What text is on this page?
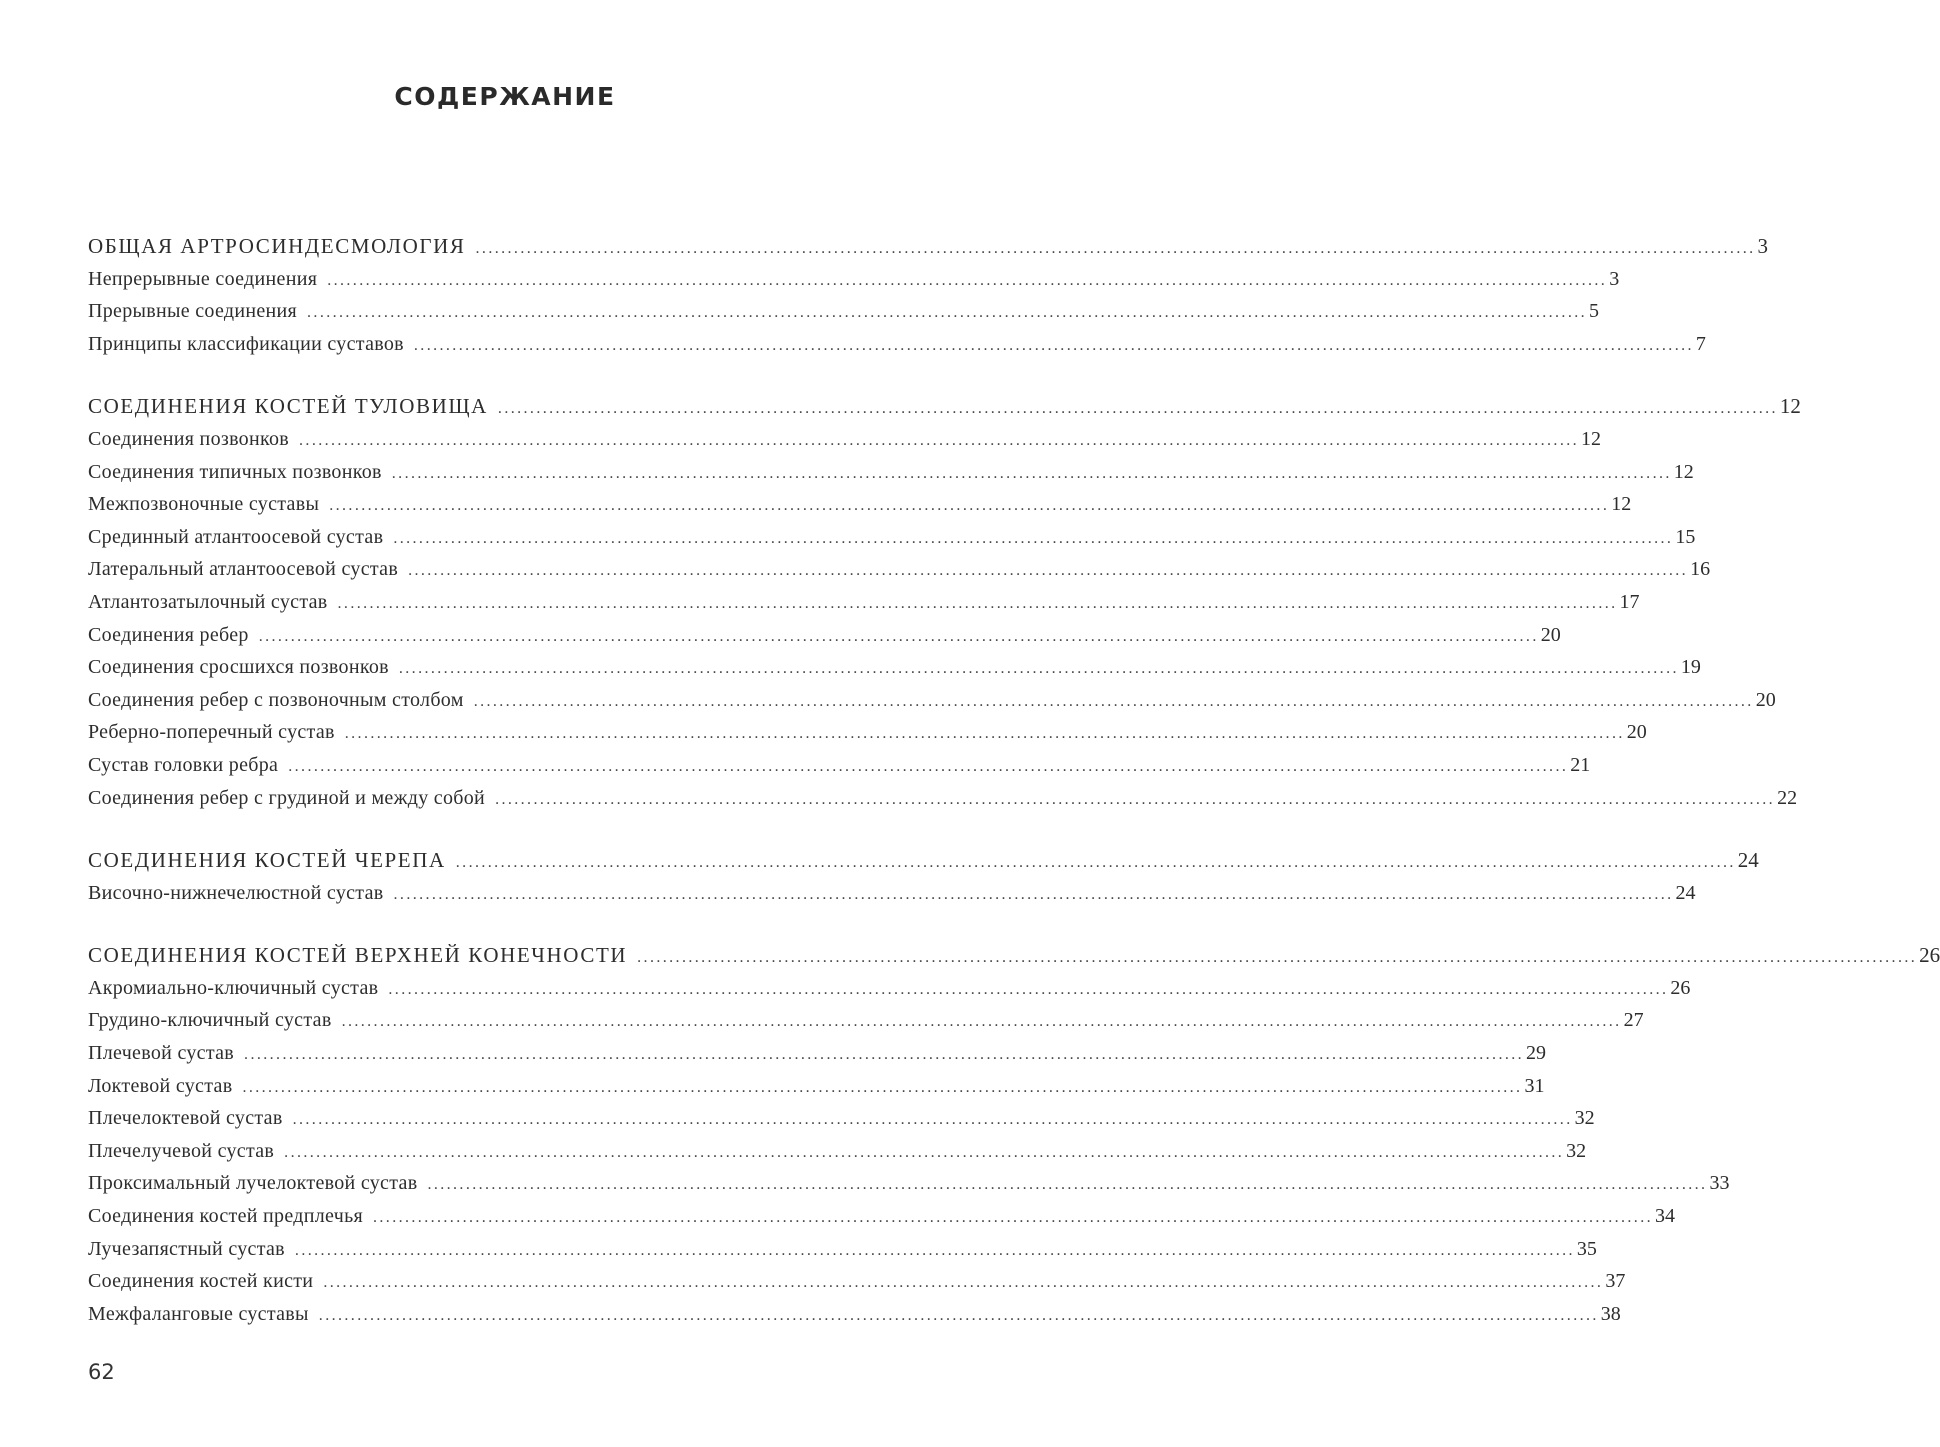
СОДЕРЖАНИЕ
ОБЩАЯ АРТРОСИНДЕСМОЛОГИЯ ........................................................................................................................................................................................................ 3
Непрерывные соединения ........................................................................................................................................................................................................ 3
Прерывные соединения ........................................................................................................................................................................................................ 5
Принципы классификации суставов ........................................................................................................................................................................................................ 7
СОЕДИНЕНИЯ КОСТЕЙ ТУЛОВИЩА ........................................................................................................................................................................................................ 12
Соединения позвонков ........................................................................................................................................................................................................ 12
Соединения типичных позвонков ........................................................................................................................................................................................................ 12
Межпозвоночные суставы ........................................................................................................................................................................................................ 12
Срединный атлантоосевой сустав ........................................................................................................................................................................................................ 15
Латеральный атлантоосевой сустав ........................................................................................................................................................................................................ 16
Атлантозатылочный сустав ........................................................................................................................................................................................................ 17
Соединения ребер ........................................................................................................................................................................................................ 20
Соединения сросшихся позвонков ........................................................................................................................................................................................................ 19
Соединения ребер с позвоночным столбом ........................................................................................................................................................................................................ 20
Реберно-поперечный сустав ........................................................................................................................................................................................................ 20
Сустав головки ребра ........................................................................................................................................................................................................ 21
Соединения ребер с грудиной и между собой ........................................................................................................................................................................................................ 22
СОЕДИНЕНИЯ КОСТЕЙ ЧЕРЕПА ........................................................................................................................................................................................................ 24
Височно-нижнечелюстной сустав ........................................................................................................................................................................................................ 24
СОЕДИНЕНИЯ КОСТЕЙ ВЕРХНЕЙ КОНЕЧНОСТИ ........................................................................................................................................................................................................ 26
Акромиально-ключичный сустав ........................................................................................................................................................................................................ 26
Грудино-ключичный сустав ........................................................................................................................................................................................................ 27
Плечевой сустав ........................................................................................................................................................................................................ 29
Локтевой сустав ........................................................................................................................................................................................................ 31
Плечелоктевой сустав ........................................................................................................................................................................................................ 32
Плечелучевой сустав ........................................................................................................................................................................................................ 32
Проксимальный лучелоктевой сустав ........................................................................................................................................................................................................ 33
Соединения костей предплечья ........................................................................................................................................................................................................ 34
Лучезапястный сустав ........................................................................................................................................................................................................ 35
Соединения костей кисти ........................................................................................................................................................................................................ 37
Межфаланговые суставы ........................................................................................................................................................................................................ 38
62
